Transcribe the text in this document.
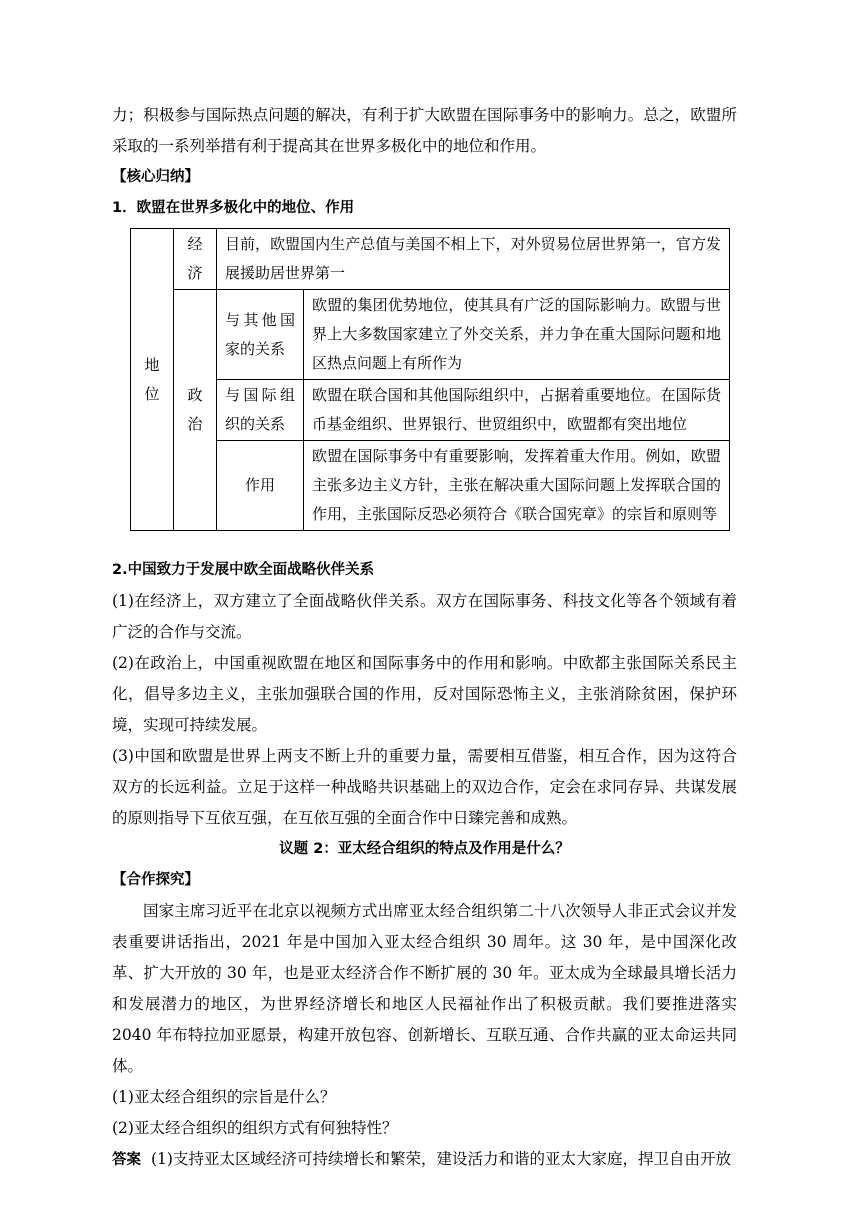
力；积极参与国际热点问题的解决，有利于扩大欧盟在国际事务中的影响力。总之，欧盟所采取的一系列举措有利于提高其在世界多极化中的地位和作用。

【核心归纳】

1．欧盟在世界多极化中的地位、作用

地位	经济	目前，欧盟国内生产总值与美国不相上下，对外贸易位居世界第一，官方发展援助居世界第一	
	政治	与其他国家的关系	欧盟的集团优势地位，使其具有广泛的国际影响力。欧盟与世界上大多数国家建立了外交关系，并力争在重大国际问题和地区热点问题上有所作为
		与国际组织的关系	欧盟在联合国和其他国际组织中，占据着重要地位。在国际货币基金组织、世界银行、世贸组织中，欧盟都有突出地位
		作用	欧盟在国际事务中有重要影响，发挥着重大作用。例如，欧盟主张多边主义方针，主张在解决重大国际问题上发挥联合国的作用，主张国际反恐必须符合《联合国宪章》的宗旨和原则等

2.中国致力于发展中欧全面战略伙伴关系

(1)在经济上，双方建立了全面战略伙伴关系。双方在国际事务、科技文化等各个领域有着广泛的合作与交流。

(2)在政治上，中国重视欧盟在地区和国际事务中的作用和影响。中欧都主张国际关系民主化，倡导多边主义，主张加强联合国的作用，反对国际恐怖主义，主张消除贫困，保护环境，实现可持续发展。

(3)中国和欧盟是世界上两支不断上升的重要力量，需要相互借鉴，相互合作，因为这符合双方的长远利益。立足于这样一种战略共识基础上的双边合作，定会在求同存异、共谋发展的原则指导下互依互强，在互依互强的全面合作中日臻完善和成熟。

议题 2：亚太经合组织的特点及作用是什么？

【合作探究】

国家主席习近平在北京以视频方式出席亚太经合组织第二十八次领导人非正式会议并发表重要讲话指出，2021 年是中国加入亚太经合组织 30 周年。这 30 年，是中国深化改革、扩大开放的 30 年，也是亚太经济合作不断扩展的 30 年。亚太成为全球最具增长活力和发展潜力的地区，为世界经济增长和地区人民福祉作出了积极贡献。我们要推进落实 2040 年布特拉加亚愿景，构建开放包容、创新增长、互联互通、合作共赢的亚太命运共同体。

(1)亚太经合组织的宗旨是什么？

(2)亚太经合组织的组织方式有何独特性？

答案 (1)支持亚太区域经济可持续增长和繁荣，建设活力和谐的亚太大家庭，捍卫自由开放
